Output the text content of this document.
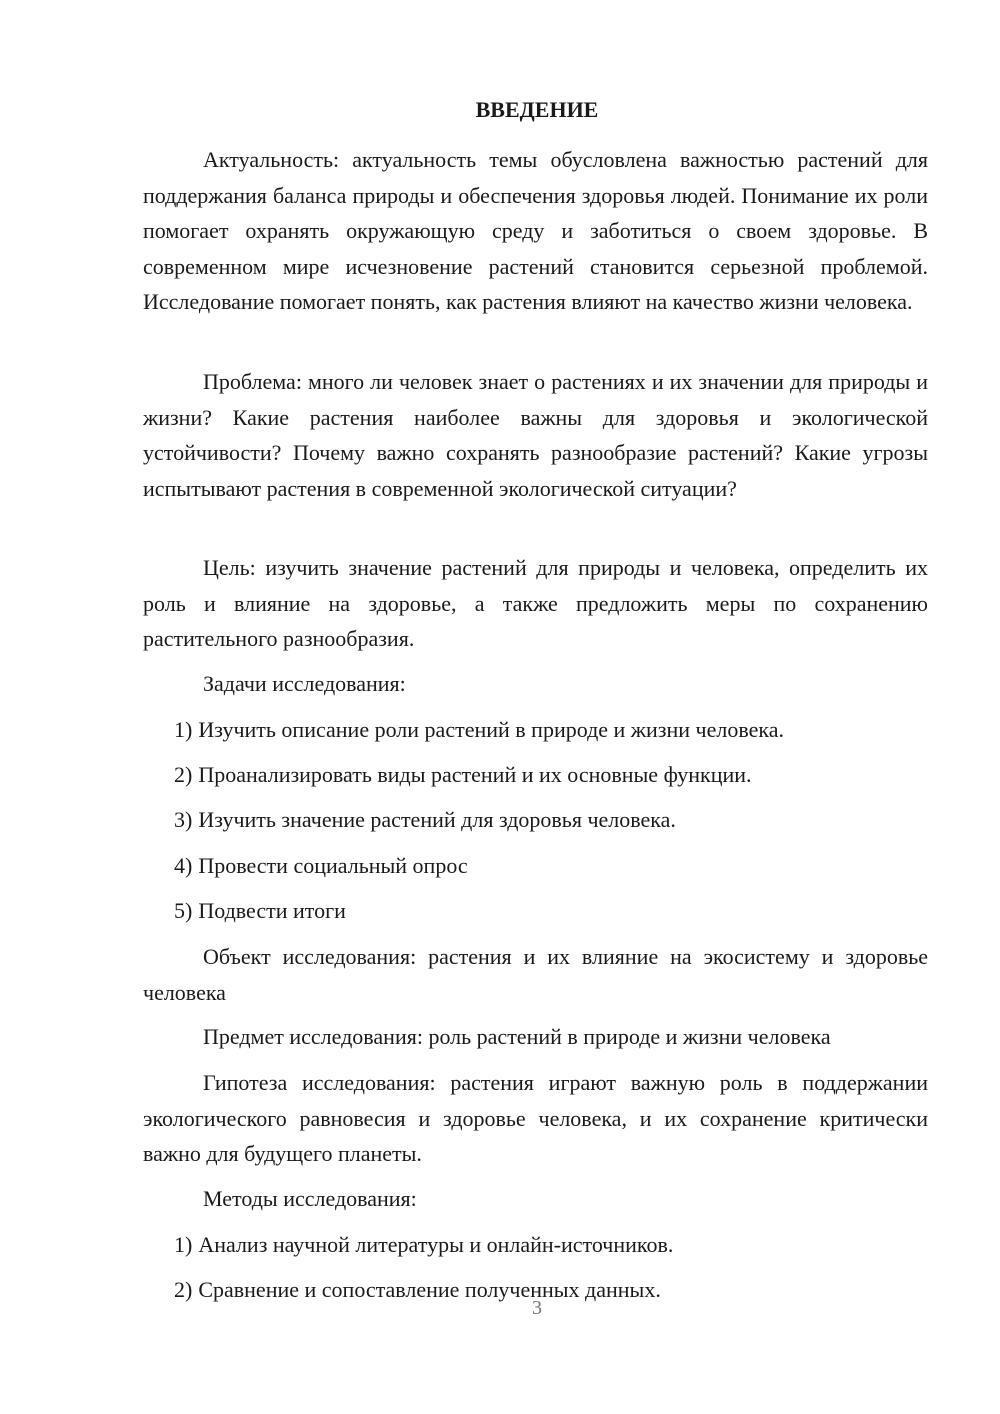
ВВЕДЕНИЕ

Актуальность: актуальность темы обусловлена важностью растений для поддержания баланса природы и обеспечения здоровья людей. Понимание их роли помогает охранять окружающую среду и заботиться о своем здоровье. В современном мире исчезновение растений становится серьезной проблемой. Исследование помогает понять, как растения влияют на качество жизни человека.

Проблема: много ли человек знает о растениях и их значении для природы и жизни? Какие растения наиболее важны для здоровья и экологической устойчивости? Почему важно сохранять разнообразие растений? Какие угрозы испытывают растения в современной экологической ситуации?

Цель: изучить значение растений для природы и человека, определить их роль и влияние на здоровье, а также предложить меры по сохранению растительного разнообразия.

Задачи исследования:

1) Изучить описание роли растений в природе и жизни человека.

2) Проанализировать виды растений и их основные функции.

3) Изучить значение растений для здоровья человека.

4) Провести социальный опрос

5) Подвести итоги

Объект исследования: растения и их влияние на экосистему и здоровье человека

Предмет исследования: роль растений в природе и жизни человека

Гипотеза исследования: растения играют важную роль в поддержании экологического равновесия и здоровье человека, и их сохранение критически важно для будущего планеты.

Методы исследования:

1) Анализ научной литературы и онлайн-источников.

2) Сравнение и сопоставление полученных данных.

3
